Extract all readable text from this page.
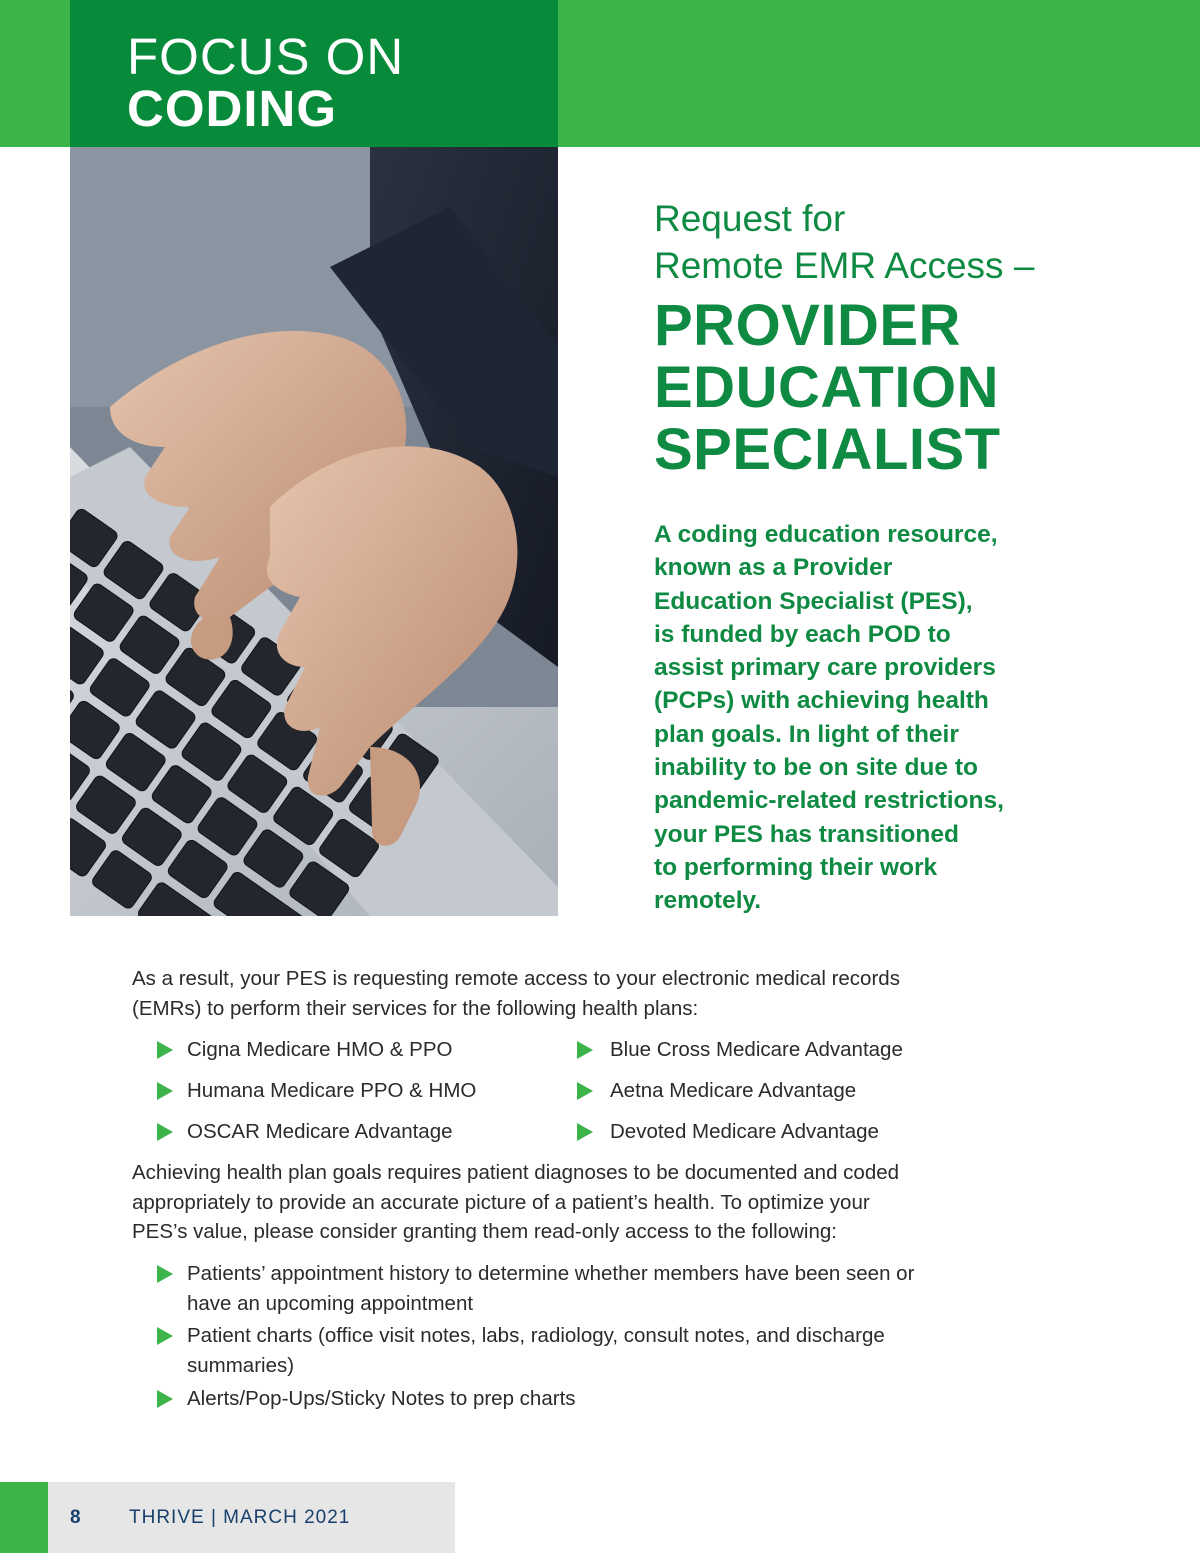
FOCUS ON
CODING
Request for
Remote EMR Access –
PROVIDER
EDUCATION
SPECIALIST
A coding education resource,
known as a Provider
Education Specialist (PES),
is funded by each POD to
assist primary care providers
(PCPs) with achieving health
plan goals. In light of their
inability to be on site due to
pandemic-related restrictions,
your PES has transitioned
to performing their work
remotely.
As a result, your PES is requesting remote access to your electronic medical records
(EMRs) to perform their services for the following health plans:
Cigna Medicare HMO & PPO
Humana Medicare PPO & HMO
OSCAR Medicare Advantage
Blue Cross Medicare Advantage
Aetna Medicare Advantage
Devoted Medicare Advantage
Achieving health plan goals requires patient diagnoses to be documented and coded
appropriately to provide an accurate picture of a patient’s health. To optimize your
PES’s value, please consider granting them read-only access to the following:
Patients’ appointment history to determine whether members have been seen or
have an upcoming appointment
Patient charts (office visit notes, labs, radiology, consult notes, and discharge
summaries)
Alerts/Pop-Ups/Sticky Notes to prep charts
8	THRIVE | MARCH 2021
